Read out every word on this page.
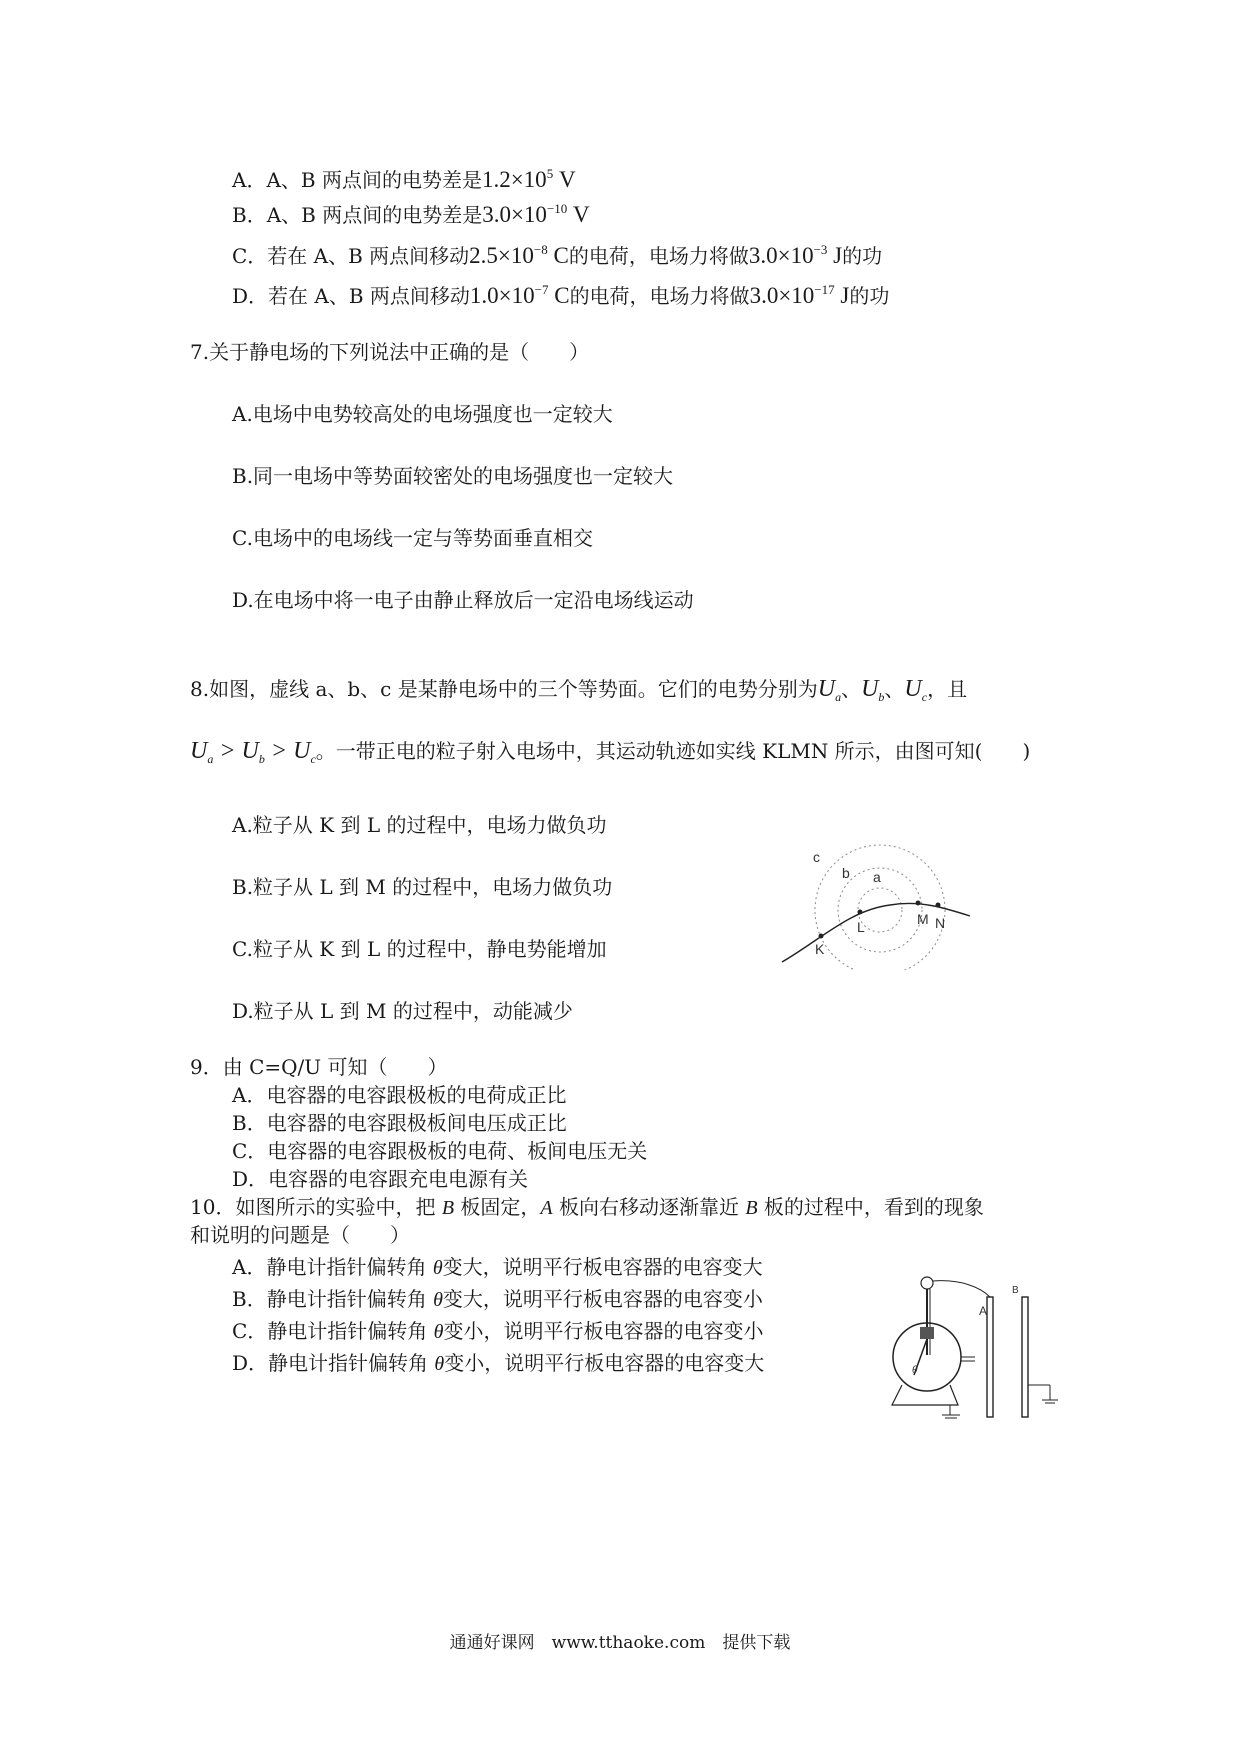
A．A、B 两点间的电势差是$1.2\times 10^5$ V
B．A、B 两点间的电势差是$3.0\times 10^{-10}$ V
C．若在 A、B 两点间移动$2.5\times 10^{-8}$ C的电荷，电场力将做$3.0\times 10^{-3}$ J的功
D．若在 A、B 两点间移动$1.0\times 10^{-7}$ C的电荷，电场力将做$3.0\times 10^{-17}$ J的功
7.关于静电场的下列说法中正确的是（　　）
A.电场中电势较高处的电场强度也一定较大
B.同一电场中等势面较密处的电场强度也一定较大
C.电场中的电场线一定与等势面垂直相交
D.在电场中将一电子由静止释放后一定沿电场线运动
8.如图，虚线 a、b、c 是某静电场中的三个等势面。它们的电势分别为$U_a$、$U_b$、$U_c$，且
$U_a > U_b > U_c$。一带正电的粒子射入电场中，其运动轨迹如实线 KLMN 所示，由图可知(　　)
A.粒子从 K 到 L 的过程中，电场力做负功
B.粒子从 L 到 M 的过程中，电场力做负功
C.粒子从 K 到 L 的过程中，静电势能增加
D.粒子从 L 到 M 的过程中，动能减少
c
b a
K
L	M N
9．由 C=Q/U 可知（　　）
A．电容器的电容跟极板的电荷成正比
B．电容器的电容跟极板间电压成正比
C．电容器的电容跟极板的电荷、板间电压无关
D．电容器的电容跟充电电源有关
10．如图所示的实验中，把 B 板固定，A 板向右移动逐渐靠近 B 板的过程中，看到的现象
和说明的问题是（　　）
A．静电计指针偏转角 θ变大，说明平行板电容器的电容变大
B．静电计指针偏转角 θ变大，说明平行板电容器的电容变小
C．静电计指针偏转角 θ变小，说明平行板电容器的电容变小
D．静电计指针偏转角 θ变小，说明平行板电容器的电容变大	θ
A
B
通通好课网　www.tthaoke.com　提供下载
